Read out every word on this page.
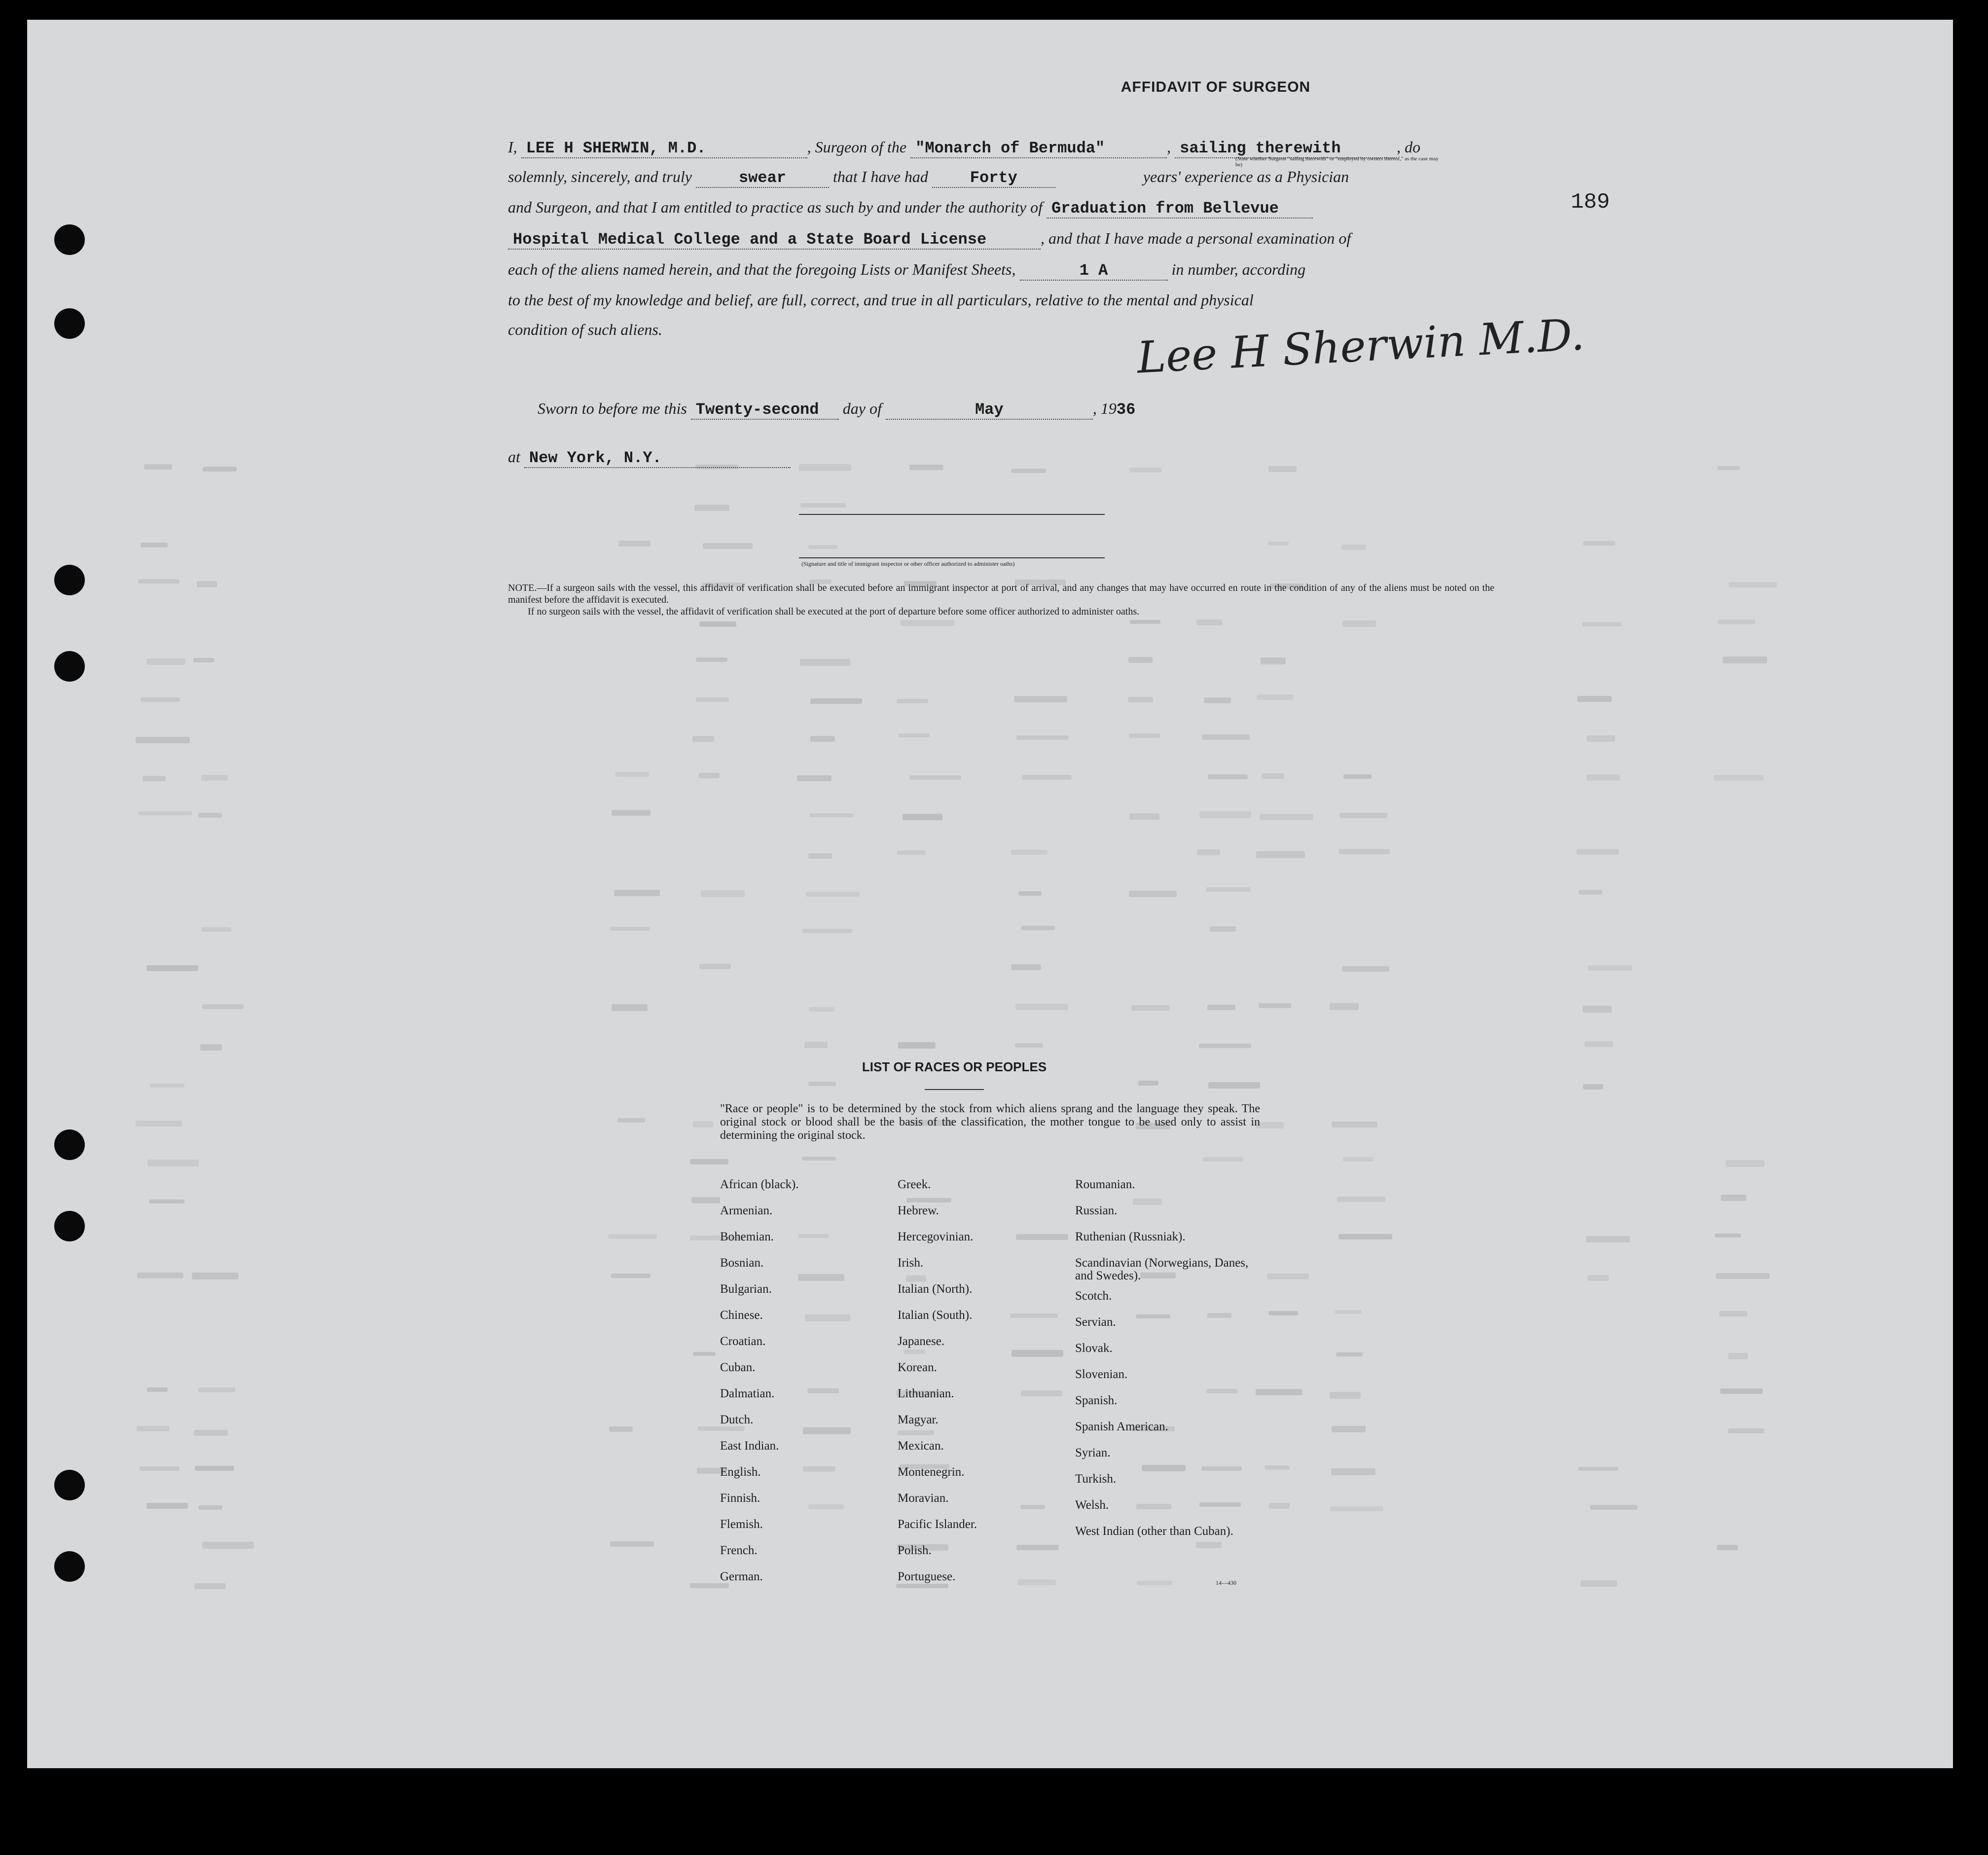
AFFIDAVIT OF SURGEON
189
I, LEE H SHERWIN, M.D.	, Surgeon of the "Monarch of Bermuda"	, sailing therewith	, do
(State whether Surgeon "sailing therewith" or "employed by owners thereof," as the case may be)
solemnly, sincerely, and truly	swear	that I have had	Forty	years' experience as a Physician
and Surgeon, and that I am entitled to practice as such by and under the authority of Graduation from Bellevue
Hospital Medical College and a State Board License	, and that I have made a personal examination of
each of the aliens named herein, and that the foregoing Lists or Manifest Sheets,	1 A	in number, according
to the best of my knowledge and belief, are full, correct, and true in all particulars, relative to the mental and physical
condition of such aliens.	Lee H Sherwin M.D.
Sworn to before me this Twenty-second day of	May	, 1936
at New York, N.Y.
(Signature and title of immigrant inspector or other officer authorized to administer oaths)
NOTE.—If a surgeon sails with the vessel, this affidavit of verification shall be executed before an immigrant inspector at port of arrival, and any changes that may have occurred en route in the condition of any of the aliens must be noted on the manifest before the affidavit is executed.
If no surgeon sails with the vessel, the affidavit of verification shall be executed at the port of departure before some officer authorized to administer oaths.
LIST OF RACES OR PEOPLES
"Race or people" is to be determined by the stock from which aliens sprang and the language they speak. The original stock or blood shall be the basis of the classification, the mother tongue to be used only to assist in determining the original stock.
African (black).
Armenian.
Bohemian.
Bosnian.
Bulgarian.
Chinese.
Croatian.
Cuban.
Dalmatian.
Dutch.
East Indian.
English.
Finnish.
Flemish.
French.
German.
Greek.
Hebrew.
Hercegovinian.
Irish.
Italian (North).
Italian (South).
Japanese.
Korean.
Lithuanian.
Magyar.
Mexican.
Montenegrin.
Moravian.
Pacific Islander.
Polish.
Portuguese.
Roumanian.
Russian.
Ruthenian (Russniak).
Scandinavian (Norwegians, Danes, and Swedes).
Scotch.
Servian.
Slovak.
Slovenian.
Spanish.
Spanish American.
Syrian.
Turkish.
Welsh.
West Indian (other than Cuban).
14—430
